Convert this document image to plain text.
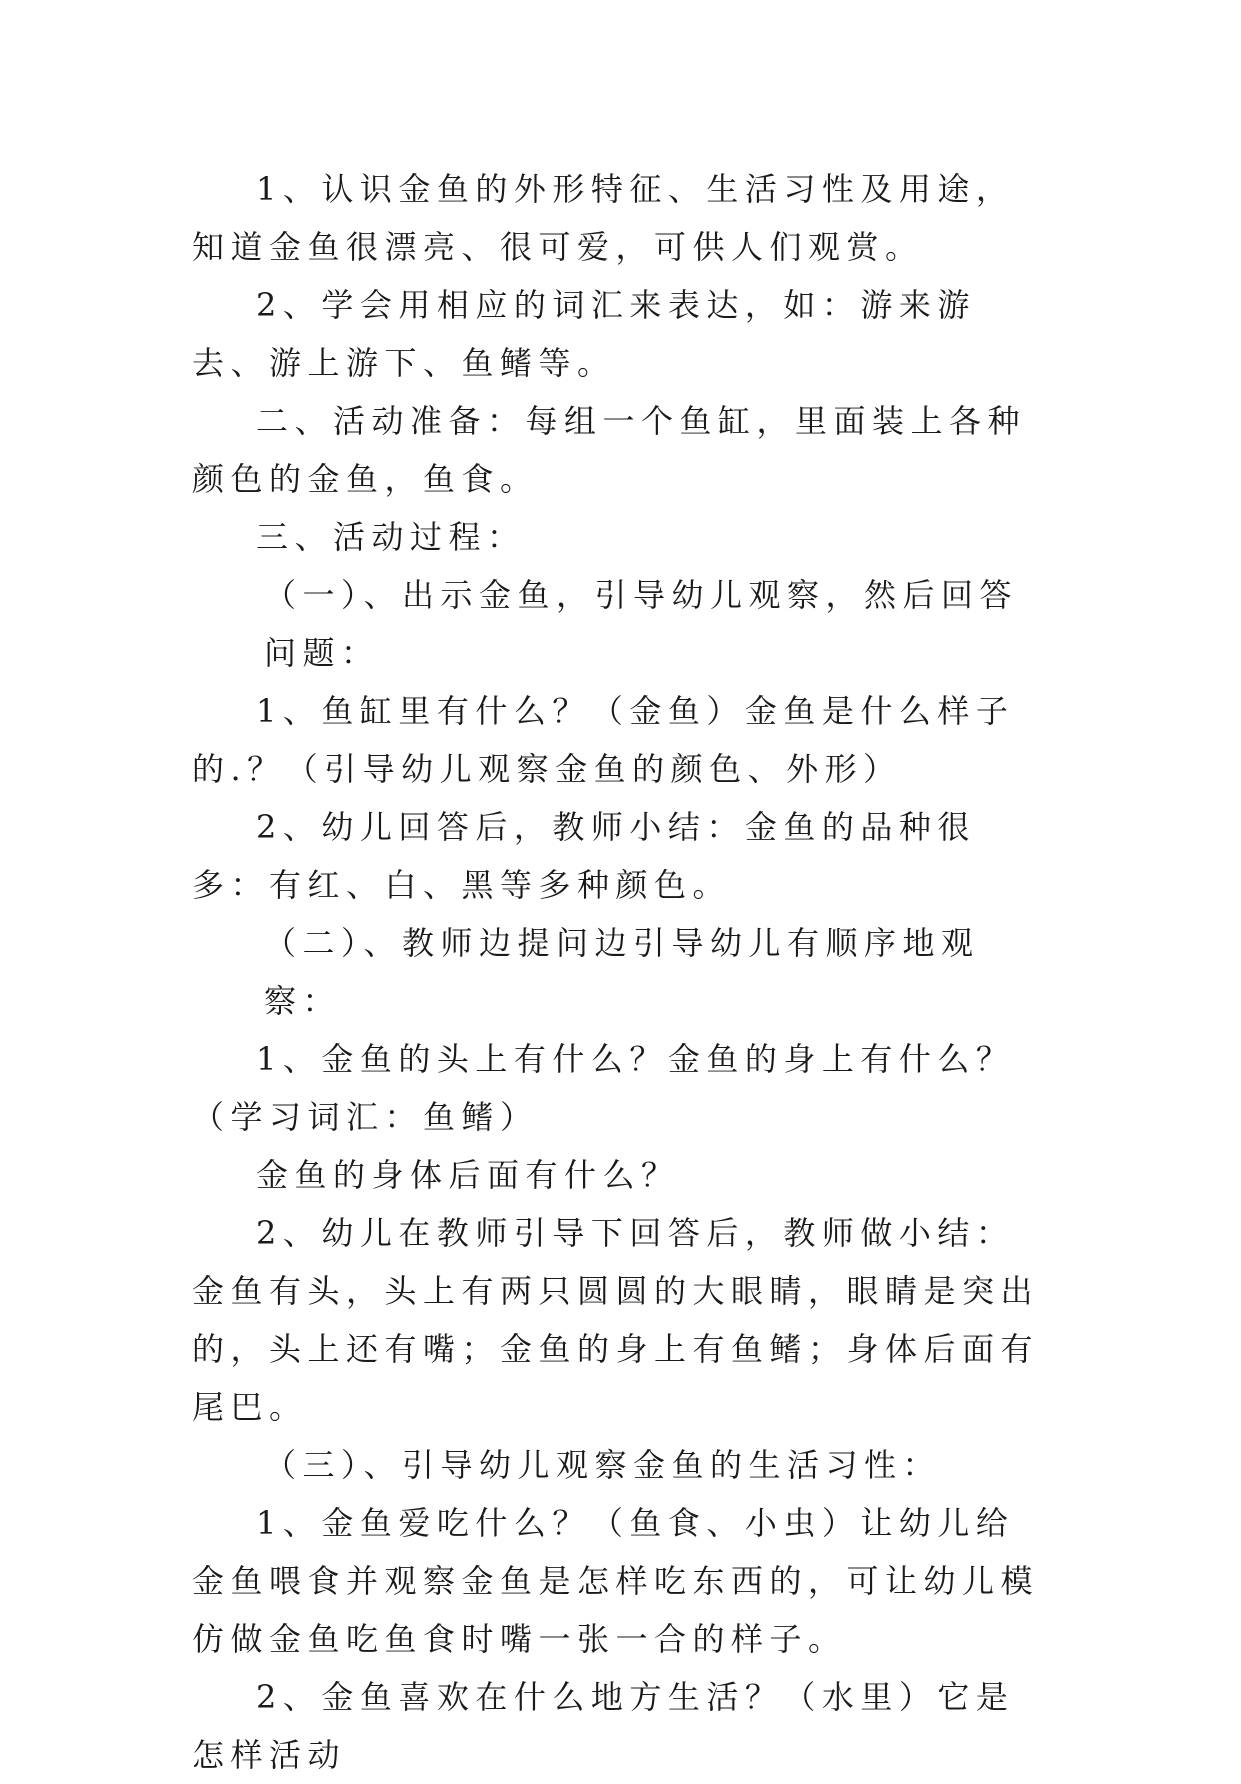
1、认识金鱼的外形特征、生活习性及用途，知道金鱼很漂亮、很可爱，可供人们观赏。

2、学会用相应的词汇来表达，如：游来游去、游上游下、鱼鳍等。

二、活动准备：每组一个鱼缸，里面装上各种颜色的金鱼，鱼食。

三、活动过程：

（一）、出示金鱼，引导幼儿观察，然后回答问题：

1、鱼缸里有什么？（金鱼）金鱼是什么样子的.？（引导幼儿观察金鱼的颜色、外形）

2、幼儿回答后，教师小结：金鱼的品种很多：有红、白、黑等多种颜色。

（二）、教师边提问边引导幼儿有顺序地观察：

1、金鱼的头上有什么？金鱼的身上有什么？（学习词汇：鱼鳍）

金鱼的身体后面有什么？

2、幼儿在教师引导下回答后，教师做小结：金鱼有头，头上有两只圆圆的大眼睛，眼睛是突出的，头上还有嘴；金鱼的身上有鱼鳍；身体后面有尾巴。

（三）、引导幼儿观察金鱼的生活习性：

1、金鱼爱吃什么？（鱼食、小虫）让幼儿给金鱼喂食并观察金鱼是怎样吃东西的，可让幼儿模仿做金鱼吃鱼食时嘴一张一合的样子。

2、金鱼喜欢在什么地方生活？（水里）它是怎样活动
